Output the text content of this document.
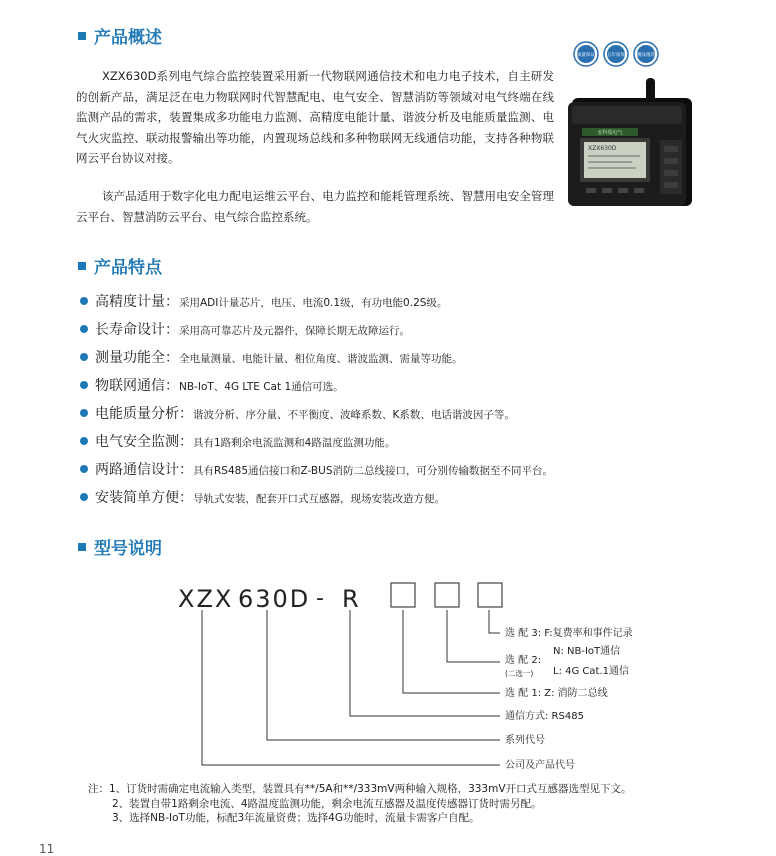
产品概述

XZX630D系列电气综合监控装置采用新一代物联网通信技术和电力电子技术，自主研发的创新产品，满足泛在电力物联网时代智慧配电、电气安全、智慧消防等领域对电气终端在线监测产品的需求，装置集成多功能电力监测、高精度电能计量、谐波分析及电能质量监测、电气火灾监控、联动报警输出等功能，内置现场总线和多种物联网无线通信功能，支持各种物联网云平台协议对接。

该产品适用于数字化电力配电运维云平台、电力监控和能耗管理系统、智慧用电安全管理云平台、智慧消防云平台、电气综合监控系统。

质量保证	五年质保	精品推荐
安科瑞电气
XZX630D
产品特点
高精度计量：采用ADI计量芯片，电压、电流0.1级，有功电能0.2S级。
长寿命设计：采用高可靠芯片及元器件，保障长期无故障运行。
测量功能全：全电量测量、电能计量、相位角度、谐波监测、需量等功能。
物联网通信：NB-IoT、4G LTE Cat 1通信可选。
电能质量分析：谐波分析、序分量、不平衡度、波峰系数、K系数、电话谐波因子等。
电气安全监测：具有1路剩余电流监测和4路温度监测功能。
两路通信设计：具有RS485通信接口和Z-BUS消防二总线接口，可分别传输数据至不同平台。
安装简单方便：导轨式安装，配套开口式互感器，现场安装改造方便。
型号说明
XZX 630D - R
选 配 3: F:复费率和事件记录
选 配 2:
(二选一)
N: NB-IoT通信
L: 4G Cat.1通信
选 配 1: Z: 消防二总线
通信方式: RS485
系列代号
公司及产品代号
注：1、订货时需确定电流输入类型，装置具有**/5A和**/333mV两种输入规格，333mV开口式互感器选型见下文。
2、装置自带1路剩余电流、4路温度监测功能，剩余电流互感器及温度传感器订货时需另配。
3、选择NB-IoT功能，标配3年流量资费；选择4G功能时，流量卡需客户自配。
11
